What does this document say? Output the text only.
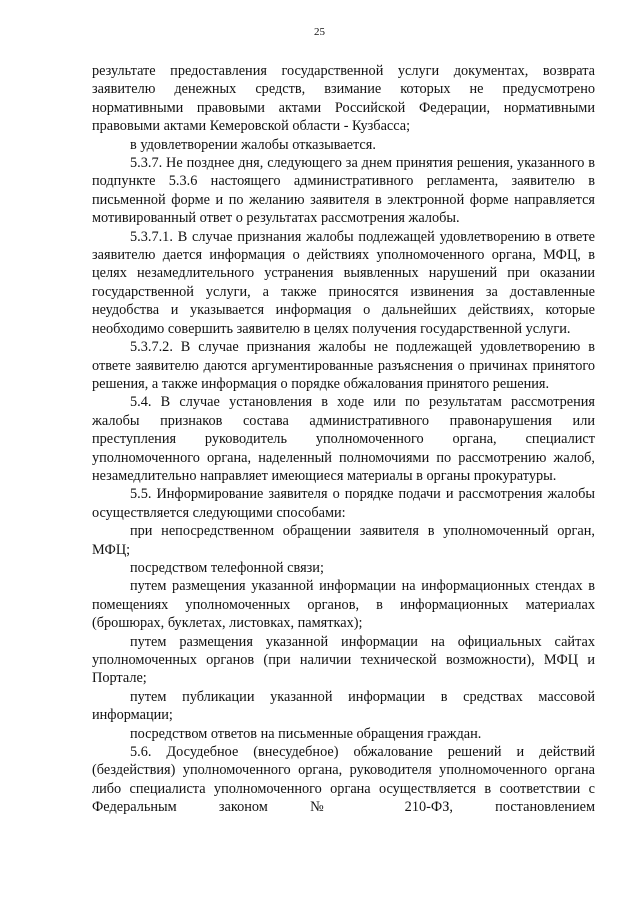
25

результате предоставления государственной услуги документах, возврата заявителю денежных средств, взимание которых не предусмотрено нормативными правовыми актами Российской Федерации, нормативными правовыми актами Кемеровской области - Кузбасса;

в удовлетворении жалобы отказывается.

5.3.7. Не позднее дня, следующего за днем принятия решения, указанного в подпункте 5.3.6 настоящего административного регламента, заявителю в письменной форме и по желанию заявителя в электронной форме направляется мотивированный ответ о результатах рассмотрения жалобы.

5.3.7.1. В случае признания жалобы подлежащей удовлетворению в ответе заявителю дается информация о действиях уполномоченного органа, МФЦ, в целях незамедлительного устранения выявленных нарушений при оказании государственной услуги, а также приносятся извинения за доставленные неудобства и указывается информация о дальнейших действиях, которые необходимо совершить заявителю в целях получения государственной услуги.

5.3.7.2. В случае признания жалобы не подлежащей удовлетворению в ответе заявителю даются аргументированные разъяснения о причинах принятого решения, а также информация о порядке обжалования принятого решения.

5.4. В случае установления в ходе или по результатам рассмотрения жалобы признаков состава административного правонарушения или преступления руководитель уполномоченного органа, специалист уполномоченного органа, наделенный полномочиями по рассмотрению жалоб, незамедлительно направляет имеющиеся материалы в органы прокуратуры.

5.5. Информирование заявителя о порядке подачи и рассмотрения жалобы осуществляется следующими способами:

при непосредственном обращении заявителя в уполномоченный орган, МФЦ;

посредством телефонной связи;

путем размещения указанной информации на информационных стендах в помещениях уполномоченных органов, в информационных материалах (брошюрах, буклетах, листовках, памятках);

путем размещения указанной информации на официальных сайтах уполномоченных органов (при наличии технической возможности), МФЦ и Портале;

путем публикации указанной информации в средствах массовой информации;

посредством ответов на письменные обращения граждан.

5.6. Досудебное (внесудебное) обжалование решений и действий (бездействия) уполномоченного органа, руководителя уполномоченного органа либо специалиста уполномоченного органа осуществляется в соответствии с Федеральным законом № 210-ФЗ, постановлением
